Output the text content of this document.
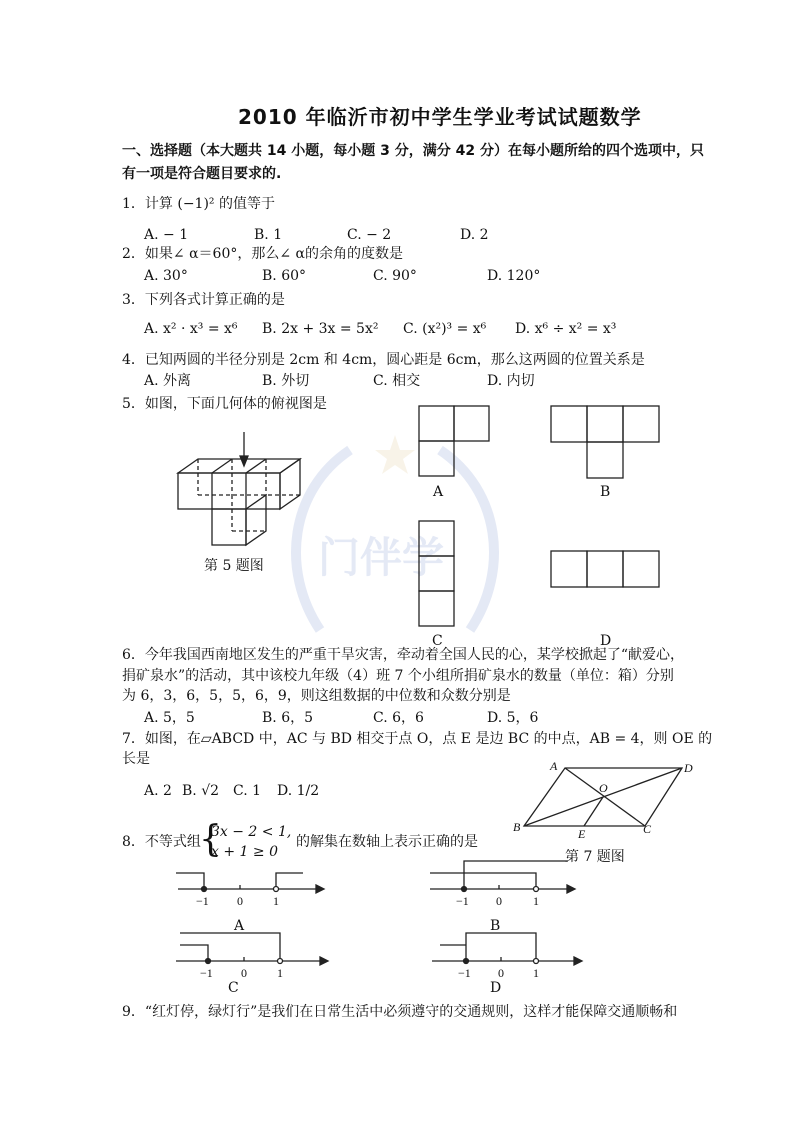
门伴学
2010 年临沂市初中学生学业考试试题数学
一、选择题（本大题共 14 小题，每小题 3 分，满分 42 分）在每小题所给的四个选项中，只
有一项是符合题目要求的.
1．计算 (−1)² 的值等于
A. − 1	B. 1	C. − 2	D. 2
2．如果∠ α＝60°，那么∠ α的余角的度数是
A. 30°	B. 60°	C. 90°	D. 120°
3．下列各式计算正确的是
A. x² · x³ = x⁶ B. 2x + 3x = 5x² C. (x²)³ = x⁶ D. x⁶ ÷ x² = x³
4．已知两圆的半径分别是 2cm 和 4cm，圆心距是 6cm，那么这两圆的位置关系是
A. 外离	B. 外切	C. 相交	D. 内切
5．如图，下面几何体的俯视图是
第 5 题图
A	B
C	D
6．今年我国西南地区发生的严重干旱灾害，牵动着全国人民的心，某学校掀起了“献爱心，
捐矿泉水”的活动，其中该校九年级（4）班 7 个小组所捐矿泉水的数量（单位：箱）分别
为 6，3，6，5，5，6，9，则这组数据的中位数和众数分别是
A. 5，5	B. 6，5	C. 6，6	D. 5，6
7．如图，在▱ABCD 中，AC 与 BD 相交于点 O，点 E 是边 BC 的中点，AB = 4，则 OE 的
长是
A. 2 B. √2 C. 1 D. 1/2
A	D
O
B	E	C
第 7 题图
8．不等式组
{
3x − 2 < 1,
x + 1 ≥ 0
的解集在数轴上表示正确的是
−1 0	1
A
−1 0	1
B
−1 0	1
C
−1 0 1
D
9．“红灯停，绿灯行”是我们在日常生活中必须遵守的交通规则，这样才能保障交通顺畅和
